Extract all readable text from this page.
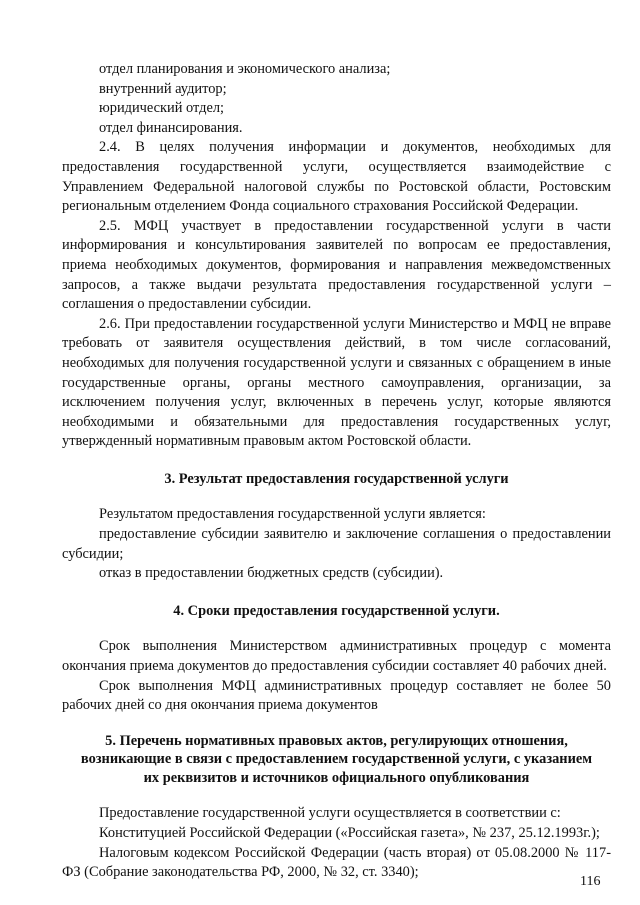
отдел планирования и экономического анализа;

внутренний аудитор;

юридический отдел;

отдел финансирования.

2.4. В целях получения информации и документов, необходимых для предоставления государственной услуги, осуществляется взаимодействие с Управлением Федеральной налоговой службы по Ростовской области, Ростовским региональным отделением Фонда социального страхования Российской Федерации.

2.5. МФЦ участвует в предоставлении государственной услуги в части информирования и консультирования заявителей по вопросам ее предоставления, приема необходимых документов, формирования и направления межведомственных запросов, а также выдачи результата предоставления государственной услуги – соглашения о предоставлении субсидии.

2.6. При предоставлении государственной услуги Министерство и МФЦ не вправе требовать от заявителя осуществления действий, в том числе согласований, необходимых для получения государственной услуги и связанных с обращением в иные государственные органы, органы местного самоуправления, организации, за исключением получения услуг, включенных в перечень услуг, которые являются необходимыми и обязательными для предоставления государственных услуг, утвержденный нормативным правовым актом Ростовской области.

3. Результат предоставления государственной услуги

Результатом предоставления государственной услуги является:

предоставление субсидии заявителю и заключение соглашения о предоставлении субсидии;

отказ в предоставлении бюджетных средств (субсидии).

4. Сроки предоставления государственной услуги.

Срок выполнения Министерством административных процедур с момента окончания приема документов до предоставления субсидии составляет 40 рабочих дней.

Срок выполнения МФЦ административных процедур составляет не более 50 рабочих дней со дня окончания приема документов

5. Перечень нормативных правовых актов, регулирующих отношения,
возникающие в связи с предоставлением государственной услуги, с указанием
их реквизитов и источников официального опубликования

Предоставление государственной услуги осуществляется в соответствии с:

Конституцией Российской Федерации («Российская газета», № 237, 25.12.1993г.);

Налоговым кодексом Российской Федерации (часть вторая) от 05.08.2000 № 117-ФЗ (Собрание законодательства РФ, 2000, № 32, ст. 3340);

116
